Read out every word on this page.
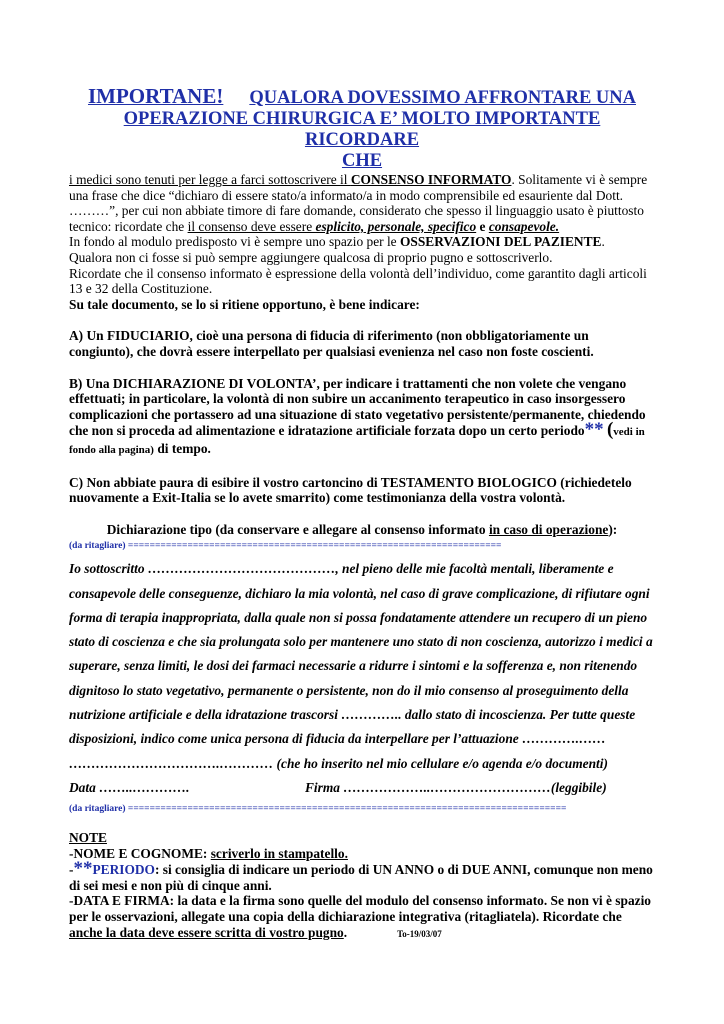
IMPORTANE! QUALORA DOVESSIMO AFFRONTARE UNA
OPERAZIONE CHIRURGICA E’ MOLTO IMPORTANTE RICORDARE
CHE

i medici sono tenuti per legge a farci sottoscrivere il CONSENSO INFORMATO. Solitamente vi è sempre una frase che dice “dichiaro di essere stato/a informato/a in modo comprensibile ed esauriente dal Dott. ………”, per cui non abbiate timore di fare domande, considerato che spesso il linguaggio usato è piuttosto tecnico: ricordate che il consenso deve essere esplicito, personale, specifico e consapevole.

In fondo al modulo predisposto vi è sempre uno spazio per le OSSERVAZIONI DEL PAZIENTE.

Qualora non ci fosse si può sempre aggiungere qualcosa di proprio pugno e sottoscriverlo.

Ricordate che il consenso informato è espressione della volontà dell’individuo, come garantito dagli articoli 13 e 32 della Costituzione.

Su tale documento, se lo si ritiene opportuno, è bene indicare:

A) Un FIDUCIARIO, cioè una persona di fiducia di riferimento (non obbligatoriamente un congiunto), che dovrà essere interpellato per qualsiasi evenienza nel caso non foste coscienti.

B) Una DICHIARAZIONE DI VOLONTA’, per indicare i trattamenti che non volete che vengano effettuati; in particolare, la volontà di non subire un accanimento terapeutico in caso insorgessero complicazioni che portassero ad una situazione di stato vegetativo persistente/permanente, chiedendo che non si proceda ad alimentazione e idratazione artificiale forzata dopo un certo periodo** (vedi in fondo alla pagina) di tempo.

C) Non abbiate paura di esibire il vostro cartoncino di TESTAMENTO BIOLOGICO (richiedetelo nuovamente a Exit-Italia se lo avete smarrito) come testimonianza della vostra volontà.

Dichiarazione tipo (da conservare e allegare al consenso informato in caso di operazione):

(da ritagliare) =====================================================================

Io sottoscritto ……………………………………, nel pieno delle mie facoltà mentali, liberamente e consapevole delle conseguenze, dichiaro la mia volontà, nel caso di grave complicazione, di rifiutare ogni forma di terapia inappropriata, dalla quale non si possa fondatamente attendere un recupero di un pieno stato di coscienza e che sia prolungata solo per mantenere uno stato di non coscienza, autorizzo i medici a superare, senza limiti, le dosi dei farmaci necessarie a ridurre i sintomi e la sofferenza e, non ritenendo dignitoso lo stato vegetativo, permanente o persistente, non do il mio consenso al proseguimento della nutrizione artificiale e della idratazione trascorsi ………….. dallo stato di incoscienza. Per tutte queste disposizioni, indico come unica persona di fiducia da interpellare per l’attuazione ………….……

…………………………….………… (che ho inserito nel mio cellulare e/o agenda e/o documenti)

Data ……..………….	Firma ………………..………………………(leggibile)
(da ritagliare) =================================================================================

NOTE

-NOME E COGNOME: scriverlo in stampatello.

-**PERIODO: si consiglia di indicare un periodo di UN ANNO o di DUE ANNI, comunque non meno di sei mesi e non più di cinque anni.

-DATA E FIRMA: la data e la firma sono quelle del modulo del consenso informato. Se non vi è spazio per le osservazioni, allegate una copia della dichiarazione integrativa (ritagliatela). Ricordate che anche la data deve essere scritta di vostro pugno.	To-19/03/07
